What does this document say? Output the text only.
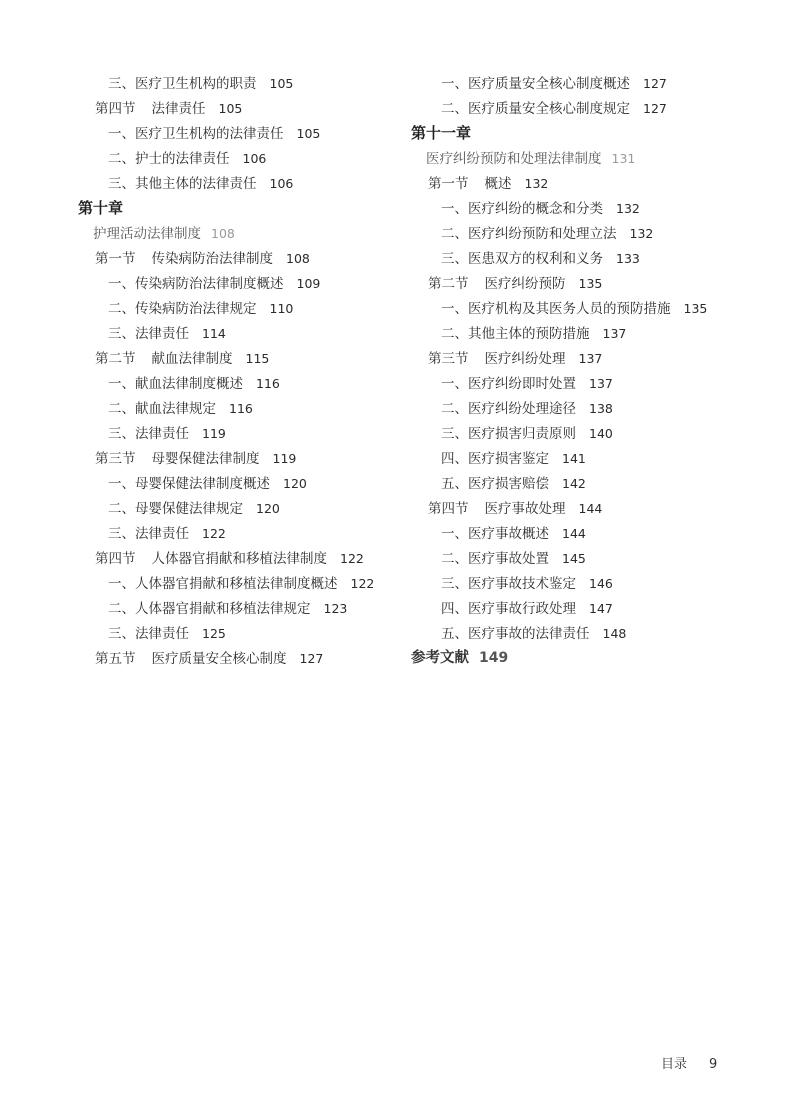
三、医疗卫生机构的职责 105
第四节 法律责任 105
一、医疗卫生机构的法律责任 105
二、护士的法律责任 106
三、其他主体的法律责任 106
第十章
护理活动法律制度 108
第一节 传染病防治法律制度 108
一、传染病防治法律制度概述 109
二、传染病防治法律规定 110
三、法律责任 114
第二节 献血法律制度 115
一、献血法律制度概述 116
二、献血法律规定 116
三、法律责任 119
第三节 母婴保健法律制度 119
一、母婴保健法律制度概述 120
二、母婴保健法律规定 120
三、法律责任 122
第四节 人体器官捐献和移植法律制度 122
一、人体器官捐献和移植法律制度概述 122
二、人体器官捐献和移植法律规定 123
三、法律责任 125
第五节 医疗质量安全核心制度 127
一、医疗质量安全核心制度概述 127
二、医疗质量安全核心制度规定 127
第十一章
医疗纠纷预防和处理法律制度 131
第一节 概述 132
一、医疗纠纷的概念和分类 132
二、医疗纠纷预防和处理立法 132
三、医患双方的权利和义务 133
第二节 医疗纠纷预防 135
一、医疗机构及其医务人员的预防措施 135
二、其他主体的预防措施 137
第三节 医疗纠纷处理 137
一、医疗纠纷即时处置 137
二、医疗纠纷处理途径 138
三、医疗损害归责原则 140
四、医疗损害鉴定 141
五、医疗损害赔偿 142
第四节 医疗事故处理 144
一、医疗事故概述 144
二、医疗事故处置 145
三、医疗事故技术鉴定 146
四、医疗事故行政处理 147
五、医疗事故的法律责任 148
参考文献 149
目录 9
